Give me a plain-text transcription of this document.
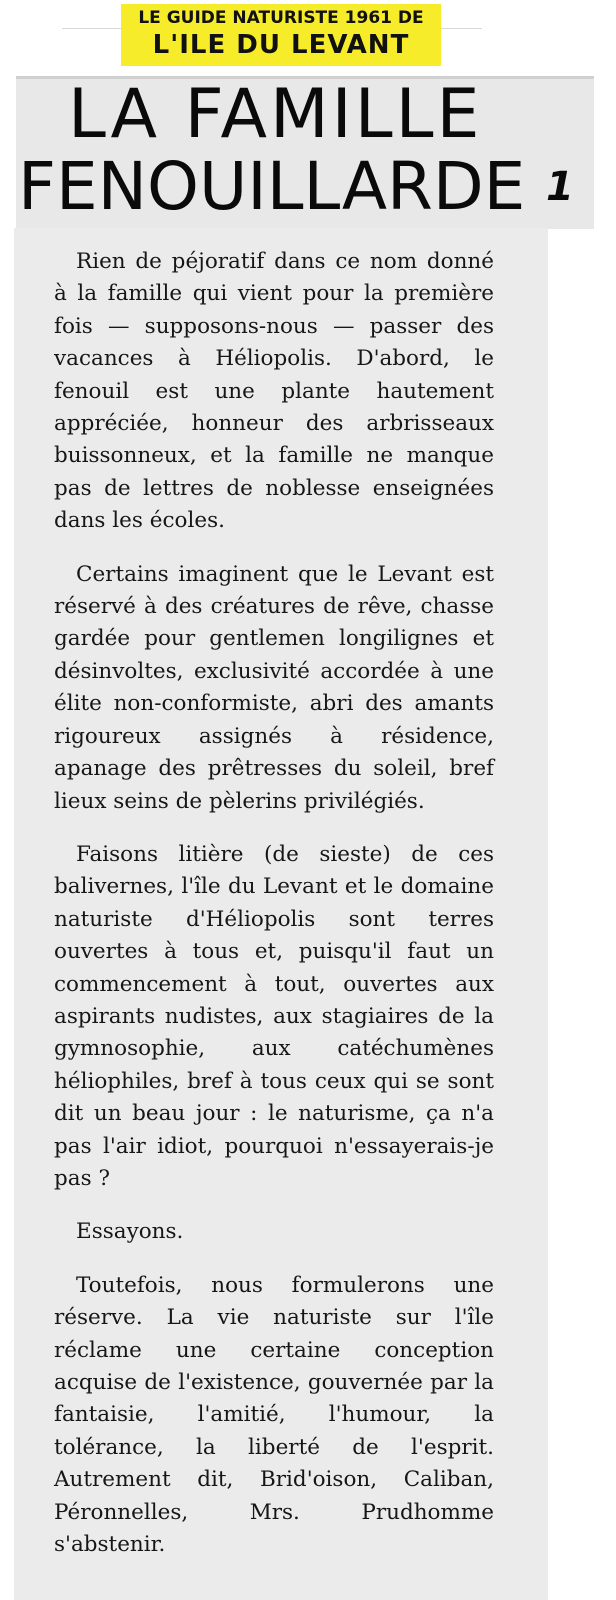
LE GUIDE NATURISTE 1961 DE
L'ILE DU LEVANT
LA FAMILLE
FENOUILLARDE 1

Rien de péjoratif dans ce nom donné à la famille qui vient pour la première fois — supposons-nous — passer des vacances à Héliopolis. D'abord, le fenouil est une plante hautement appréciée, honneur des arbrisseaux buissonneux, et la famille ne manque pas de lettres de noblesse enseignées dans les écoles.

Certains imaginent que le Levant est réservé à des créatures de rêve, chasse gardée pour gentlemen longilignes et désinvoltes, exclusivité accordée à une élite non-conformiste, abri des amants rigoureux assignés à résidence, apanage des prêtresses du soleil, bref lieux seins de pèlerins privilégiés.

Faisons litière (de sieste) de ces balivernes, l'île du Levant et le domaine naturiste d'Héliopolis sont terres ouvertes à tous et, puisqu'il faut un commencement à tout, ouvertes aux aspirants nudistes, aux stagiaires de la gymnosophie, aux catéchumènes héliophiles, bref à tous ceux qui se sont dit un beau jour : le naturisme, ça n'a pas l'air idiot, pourquoi n'essayerais-je pas ?

Essayons.

Toutefois, nous formulerons une réserve. La vie naturiste sur l'île réclame une certaine conception acquise de l'existence, gouvernée par la fantaisie, l'amitié, l'humour, la tolérance, la liberté de l'esprit. Autrement dit, Brid'oison, Caliban, Péronnelles, Mrs. Prudhomme s'abstenir.
